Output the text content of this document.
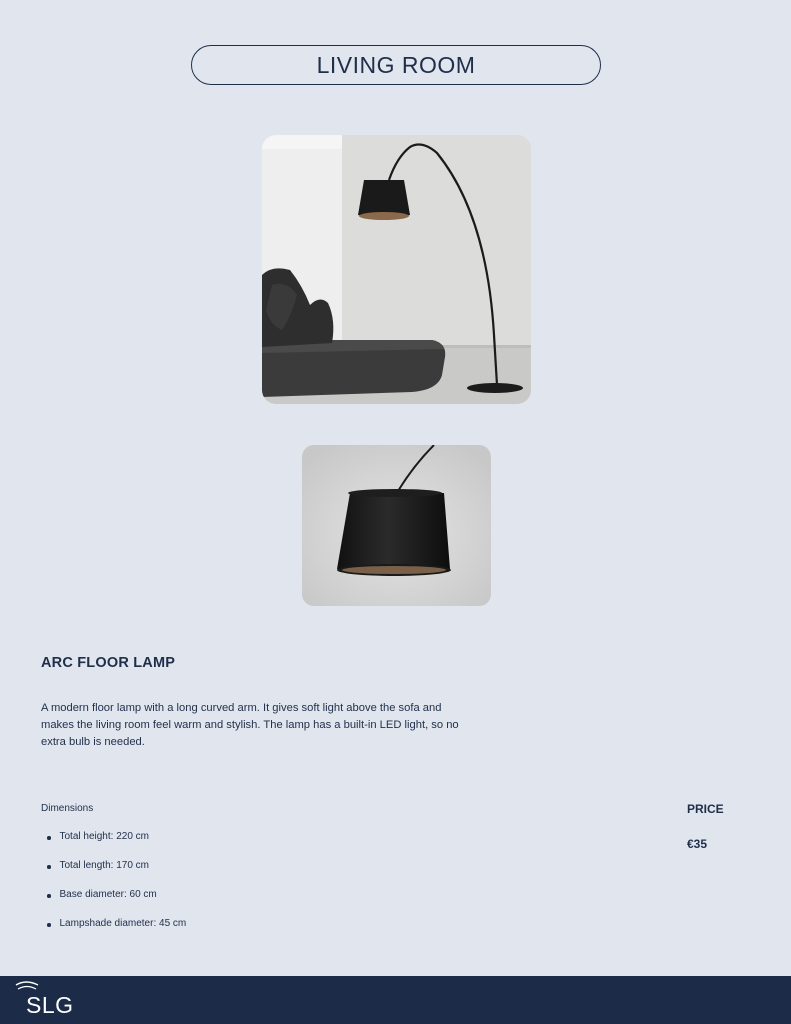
LIVING ROOM
ARC FLOOR LAMP
A modern floor lamp with a long curved arm. It gives soft light above the sofa and makes the living room feel warm and stylish. The lamp has a built-in LED light, so no extra bulb is needed.
Dimensions
Total height: 220 cm
Total length: 170 cm
Base diameter: 60 cm
Lampshade diameter: 45 cm
PRICE
€35
SLG
